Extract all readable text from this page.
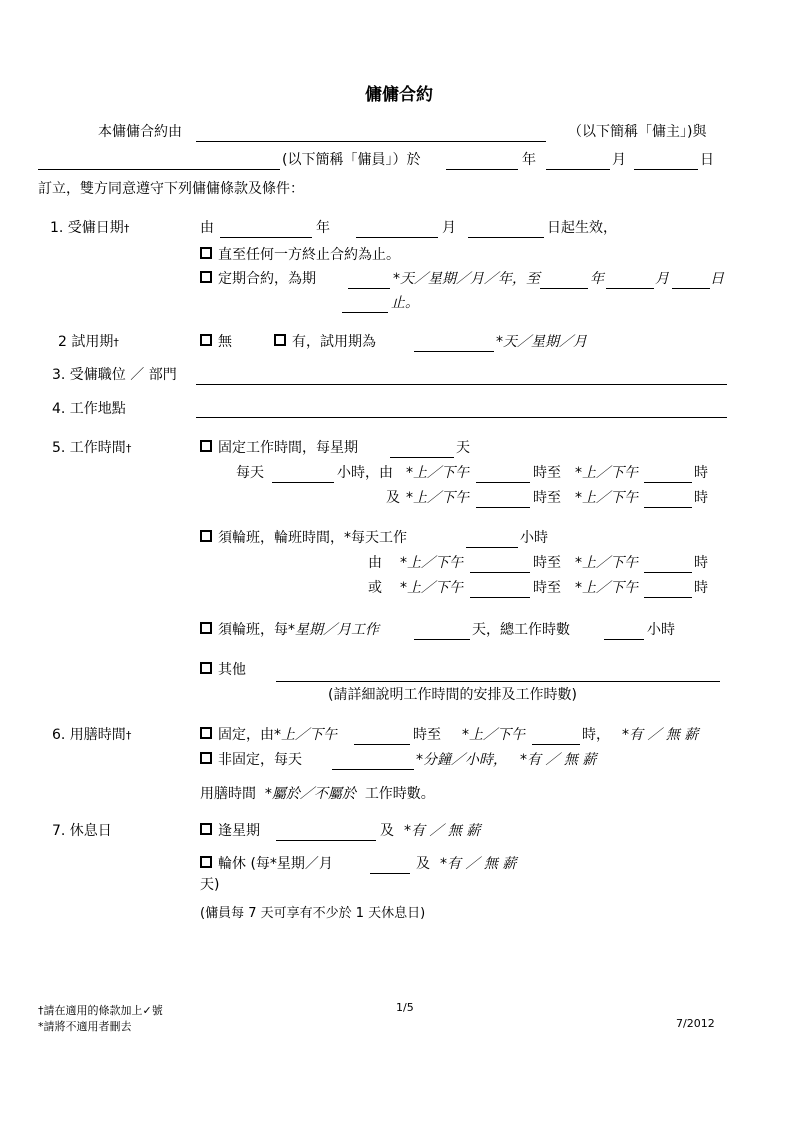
傭傭合約
本傭傭合約由	（以下簡稱「傭主」)與
(以下簡稱「傭員」）於	年	月	日
訂立，雙方同意遵守下列傭傭條款及條件：
1. 受傭日期†	由	年	月	日起生效，
直至任何一方終止合約為止。
定期合約，為期	*天／星期／月／年，至	年	月	日
止。
2 試用期†	無	有，試用期為	*天／星期／月
3. 受傭職位 ／ 部門
4. 工作地點
5. 工作時間†	固定工作時間，每星期	天
每天	小時，由 *上／下午	時至 *上／下午	時
及 *上／下午	時至 *上／下午	時
須輪班，輪班時間，*每天工作	小時
由 *上／下午	時至 *上／下午	時
或 *上／下午	時至 *上／下午	時
須輪班，每*星期／月工作	天，總工作時數	小時
其他
(請詳細說明工作時間的安排及工作時數)
6. 用膳時間†	固定，由*上／下午	時至 *上／下午	時， *有 ／ 無 薪
非固定，每天	*分鐘／小時， *有 ／ 無 薪
用膳時間 *屬於／不屬於 工作時數。
7. 休息日	逢星期	及 *有 ／ 無 薪
輪休 (每*星期／月	及 *有 ／ 無 薪
天)
(傭員每 7 天可享有不少於 1 天休息日)
†請在適用的條款加上✓號
*請將不適用者刪去
1/5
7/2012
